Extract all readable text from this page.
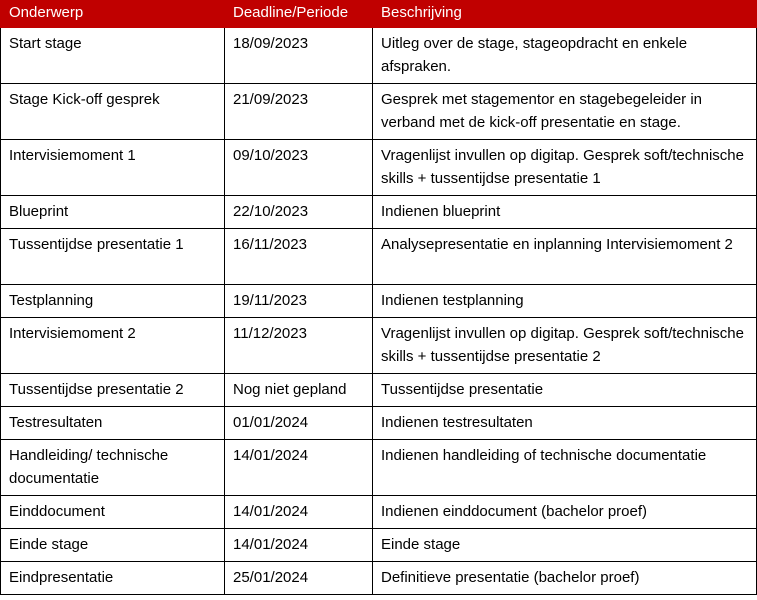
Onderwerp	Deadline/Periode	Beschrijving
Start stage	18/09/2023	Uitleg over de stage, stageopdracht en enkele afspraken.
Stage Kick-off gesprek	21/09/2023	Gesprek met stagementor en stagebegeleider in verband met de kick-off presentatie en stage.
Intervisiemoment 1	09/10/2023	Vragenlijst invullen op digitap. Gesprek soft/technische skills + tussentijdse presentatie 1
Blueprint	22/10/2023	Indienen blueprint
Tussentijdse presentatie 1	16/11/2023	Analysepresentatie en inplanning Intervisiemoment 2
Testplanning	19/11/2023	Indienen testplanning
Intervisiemoment 2	11/12/2023	Vragenlijst invullen op digitap. Gesprek soft/technische skills + tussentijdse presentatie 2
Tussentijdse presentatie 2	Nog niet gepland	Tussentijdse presentatie
Testresultaten	01/01/2024	Indienen testresultaten
Handleiding/ technische documentatie	14/01/2024	Indienen handleiding of technische documentatie
Einddocument	14/01/2024	Indienen einddocument (bachelor proef)
Einde stage	14/01/2024	Einde stage
Eindpresentatie	25/01/2024	Definitieve presentatie (bachelor proef)
